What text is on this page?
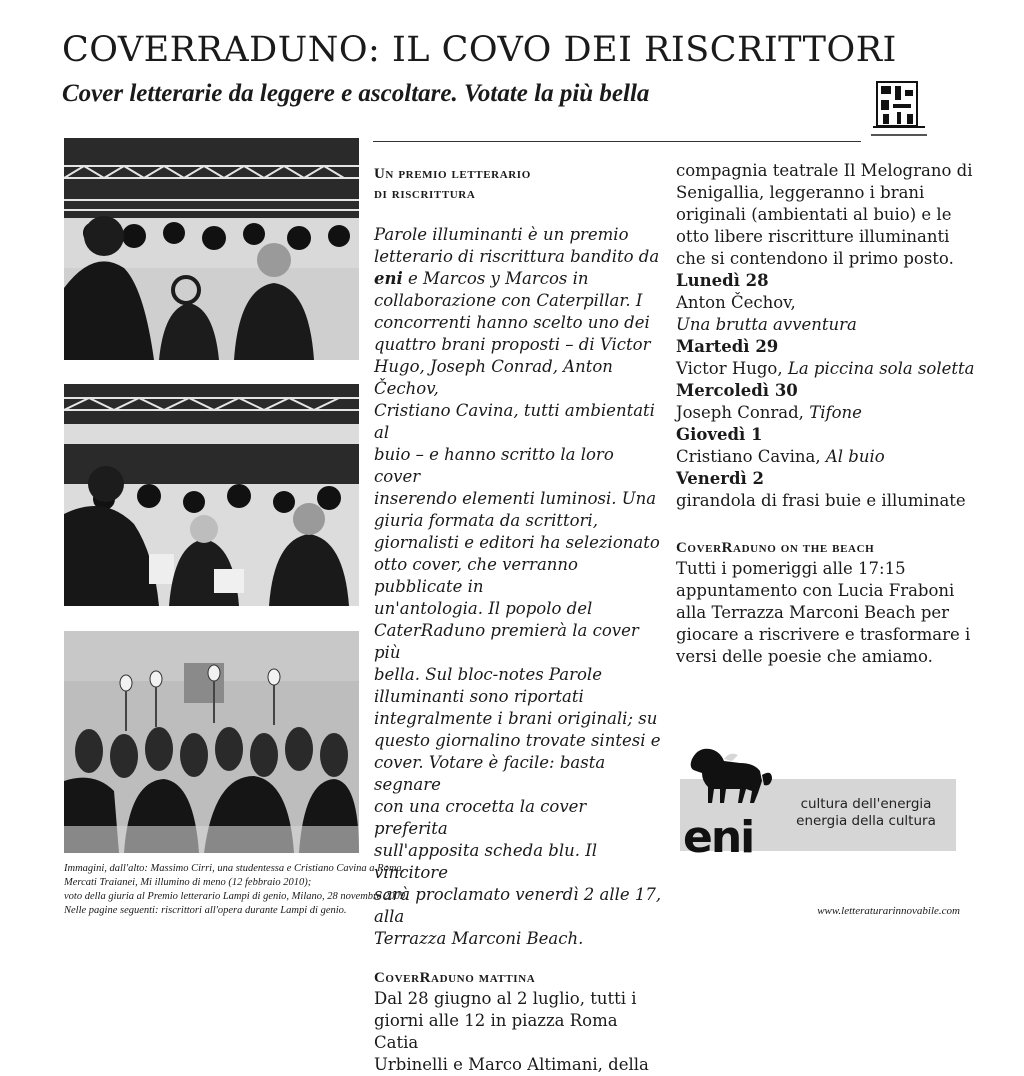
COVERRADUNO: IL COVO DEI RISCRITTORI
Cover letterarie da leggere e ascoltare. Votate la più bella

Un premio letterario
di riscrittura

Parole illuminanti è un premio

letterario di riscrittura bandito da

eni e Marcos y Marcos in

collaborazione con Caterpillar. I

concorrenti hanno scelto uno dei

quattro brani proposti – di Victor

Hugo, Joseph Conrad, Anton Čechov,

Cristiano Cavina, tutti ambientati al

buio – e hanno scritto la loro cover

inserendo elementi luminosi. Una

giuria formata da scrittori,

giornalisti e editori ha selezionato

otto cover, che verranno pubblicate in

un'antologia. Il popolo del

CaterRaduno premierà la cover più

bella. Sul bloc-notes Parole

illuminanti sono riportati

integralmente i brani originali; su

questo giornalino trovate sintesi e

cover. Votare è facile: basta segnare

con una crocetta la cover preferita

sull'apposita scheda blu. Il vincitore

sarà proclamato venerdì 2 alle 17, alla

Terrazza Marconi Beach.

CoverRaduno mattina

Dal 28 giugno al 2 luglio, tutti i

giorni alle 12 in piazza Roma Catia

Urbinelli e Marco Altimani, della

compagnia teatrale Il Melograno di

Senigallia, leggeranno i brani

originali (ambientati al buio) e le

otto libere riscritture illuminanti

che si contendono il primo posto.

Lunedì 28

Anton Čechov,

Una brutta avventura

Martedì 29

Victor Hugo, La piccina sola soletta

Mercoledì 30

Joseph Conrad, Tifone

Giovedì 1

Cristiano Cavina, Al buio

Venerdì 2

girandola di frasi buie e illuminate

CoverRaduno on the beach

Tutti i pomeriggi alle 17:15

appuntamento con Lucia Fraboni

alla Terrazza Marconi Beach per

giocare a riscrivere e trasformare i

versi delle poesie che amiamo.

eni
cultura dell'energia
energia della cultura
Immagini, dall'alto: Massimo Cirri, una studentessa e Cristiano Cavina a Roma,
Mercati Traianei, Mi illumino di meno (12 febbraio 2010);
voto della giuria al Premio letterario Lampi di genio, Milano, 28 novembre 2009.
Nelle pagine seguenti: riscrittori all'opera durante Lampi di genio.	www.letteraturarinnovabile.com
